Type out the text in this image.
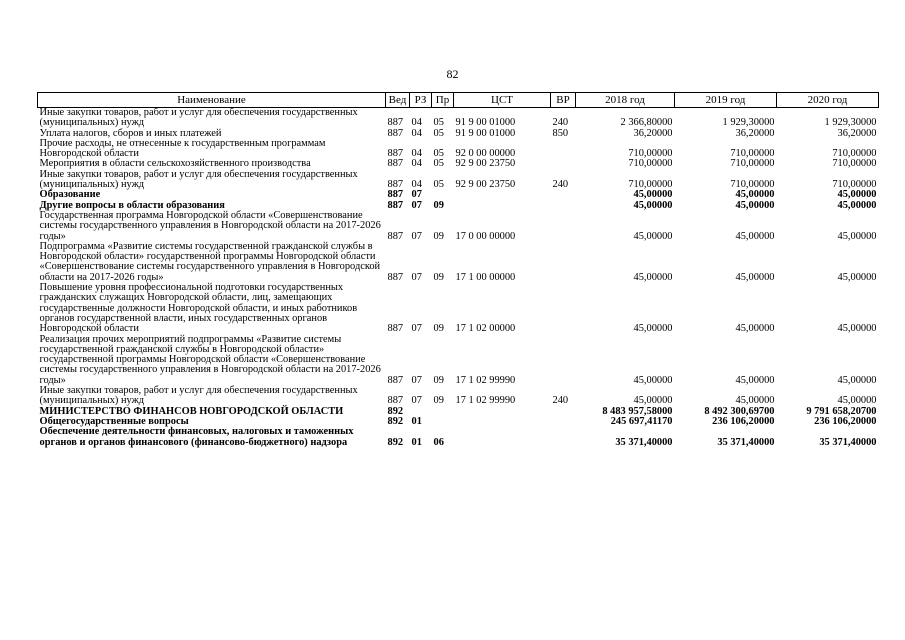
82
Наименование	Вед	РЗ	Пр	ЦСТ	ВР	2018 год	2019 год	2020 год
Иные закупки товаров, работ и услуг для обеспечения государственных (муниципальных) нужд	887	04	05	91 9 00 01000	240	2 366,80000	1 929,30000	1 929,30000
Уплата налогов, сборов и иных платежей	887	04	05	91 9 00 01000	850	36,20000	36,20000	36,20000
Прочие расходы, не отнесенные к государственным программам Новгородской области	887	04	05	92 0 00 00000		710,00000	710,00000	710,00000
Мероприятия в области сельскохозяйственного производства	887	04	05	92 9 00 23750		710,00000	710,00000	710,00000
Иные закупки товаров, работ и услуг для обеспечения государственных (муниципальных) нужд	887	04	05	92 9 00 23750	240	710,00000	710,00000	710,00000
Образование	887	07				45,00000	45,00000	45,00000
Другие вопросы в области образования	887	07	09			45,00000	45,00000	45,00000
Государственная программа Новгородской области «Совершенствование системы государственного управления в Новгородской области на 2017-2026 годы»	887	07	09	17 0 00 00000		45,00000	45,00000	45,00000
Подпрограмма «Развитие системы государственной гражданской службы в Новгородской области» государственной программы Новгородской области «Совершенствование системы государственного управления в Новгородской области на 2017-2026 годы»	887	07	09	17 1 00 00000		45,00000	45,00000	45,00000
Повышение уровня профессиональной подготовки государственных гражданских служащих Новгородской области, лиц, замещающих государственные должности Новгородской области, и иных работников органов государственной власти, иных государственных органов Новгородской области	887	07	09	17 1 02 00000		45,00000	45,00000	45,00000
Реализация прочих мероприятий подпрограммы «Развитие системы государственной гражданской службы в Новгородской области» государственной программы Новгородской области «Совершенствование системы государственного управления в Новгородской области на 2017-2026 годы»	887	07	09	17 1 02 99990		45,00000	45,00000	45,00000
Иные закупки товаров, работ и услуг для обеспечения государственных (муниципальных) нужд	887	07	09	17 1 02 99990	240	45,00000	45,00000	45,00000
МИНИСТЕРСТВО ФИНАНСОВ НОВГОРОДСКОЙ ОБЛАСТИ	892					8 483 957,58000	8 492 300,69700	9 791 658,20700
Общегосударственные вопросы	892	01				245 697,41170	236 106,20000	236 106,20000
Обеспечение деятельности финансовых, налоговых и таможенных органов и органов финансового (финансово-бюджетного) надзора	892	01	06			35 371,40000	35 371,40000	35 371,40000
